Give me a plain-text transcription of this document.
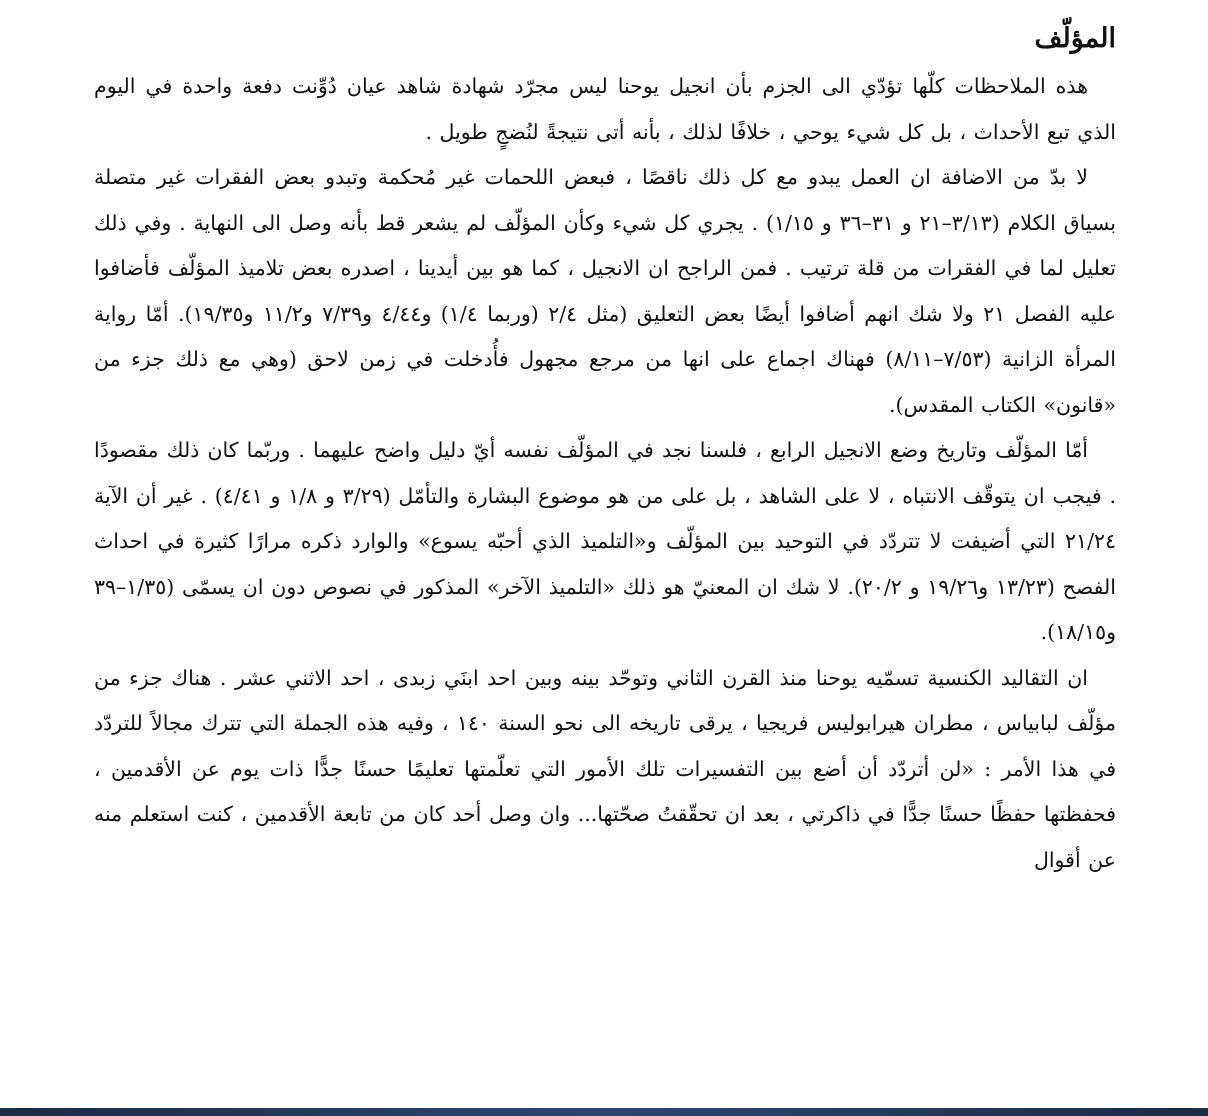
المؤلّف

هذه الملاحظات كلّها تؤدّي الى الجزم بأن انجيل يوحنا ليس مجرّد شهادة شاهد عيان دُوِّنت دفعة واحدة في اليوم الذي تبع الأحداث ، بل كل شيء يوحي ، خلافًا لذلك ، بأنه أتى نتيجةً لنُضجٍ طويل .

لا بدّ من الاضافة ان العمل يبدو مع كل ذلك ناقصًا ، فبعض اللحمات غير مُحكمة وتبدو بعض الفقرات غير متصلة بسياق الكلام (٣/١٣–٢١ و ٣١–٣٦ و ١/١٥) . يجري كل شيء وكأن المؤلّف لم يشعر قط بأنه وصل الى النهاية . وفي ذلك تعليل لما في الفقرات من قلة ترتيب . فمن الراجح ان الانجيل ، كما هو بين أيدينا ، اصدره بعض تلاميذ المؤلّف فأضافوا عليه الفصل ٢١ ولا شك انهم أضافوا أيضًا بعض التعليق (مثل ٢/٤ (وربما ١/٤) و٤/٤٤ و٧/٣٩ و١١/٢ و١٩/٣٥). أمّا رواية المرأة الزانية (٧/٥٣–٨/١١) فهناك اجماع على انها من مرجع مجهول فأُدخلت في زمن لاحق (وهي مع ذلك جزء من «قانون» الكتاب المقدس).

أمّا المؤلّف وتاريخ وضع الانجيل الرابع ، فلسنا نجد في المؤلّف نفسه أيّ دليل واضح عليهما . وربّما كان ذلك مقصودًا . فيجب ان يتوقّف الانتباه ، لا على الشاهد ، بل على من هو موضوع البشارة والتأمّل (٣/٢٩ و ١/٨ و ٤/٤١) . غير أن الآية ٢١/٢٤ التي أضيفت لا تتردّد في التوحيد بين المؤلّف و«التلميذ الذي أحبّه يسوع» والوارد ذكره مرارًا كثيرة في احداث الفصح (١٣/٢٣ و١٩/٢٦ و ٢٠/٢). لا شك ان المعنيّ هو ذلك «التلميذ الآخر» المذكور في نصوص دون ان يسمّى (١/٣٥–٣٩ و١٨/١٥).

ان التقاليد الكنسية تسمّيه يوحنا منذ القرن الثاني وتوحّد بينه وبين احد ابنَي زبدى ، احد الاثني عشر . هناك جزء من مؤلّف لبابياس ، مطران هيرابوليس فريجيا ، يرقى تاريخه الى نحو السنة ١٤٠ ، وفيه هذه الجملة التي تترك مجالاً للتردّد في هذا الأمر : «لن أتردّد أن أضع بين التفسيرات تلك الأمور التي تعلّمتها تعليمًا حسنًا جدًّا ذات يوم عن الأقدمين ، فحفظتها حفظًا حسنًا جدًّا في ذاكرتي ، بعد ان تحقّقتُ صحّتها... وان وصل أحد كان من تابعة الأقدمين ، كنت استعلم منه عن أقوال
